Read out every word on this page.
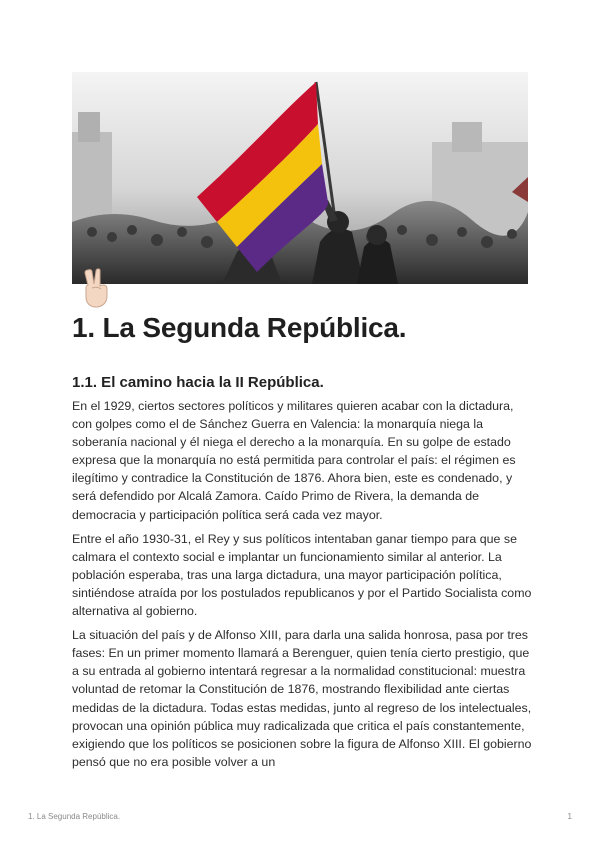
1. La Segunda República.
1.1. El camino hacia la II República.

En el 1929, ciertos sectores políticos y militares quieren acabar con la dictadura, con golpes como el de Sánchez Guerra en Valencia: la monarquía niega la soberanía nacional y él niega el derecho a la monarquía. En su golpe de estado expresa que la monarquía no está permitida para controlar el país: el régimen es ilegítimo y contradice la Constitución de 1876. Ahora bien, este es condenado, y será defendido por Alcalá Zamora. Caído Primo de Rivera, la demanda de democracia y participación política será cada vez mayor.

Entre el año 1930-31, el Rey y sus políticos intentaban ganar tiempo para que se calmara el contexto social e implantar un funcionamiento similar al anterior. La población esperaba, tras una larga dictadura, una mayor participación política, sintiéndose atraída por los postulados republicanos y por el Partido Socialista como alternativa al gobierno.

La situación del país y de Alfonso XIII, para darla una salida honrosa, pasa por tres fases: En un primer momento llamará a Berenguer, quien tenía cierto prestigio, que a su entrada al gobierno intentará regresar a la normalidad constitucional: muestra voluntad de retomar la Constitución de 1876, mostrando flexibilidad ante ciertas medidas de la dictadura. Todas estas medidas, junto al regreso de los intelectuales, provocan una opinión pública muy radicalizada que critica el país constantemente, exigiendo que los políticos se posicionen sobre la figura de Alfonso XIII. El gobierno pensó que no era posible volver a un

1. La Segunda República.	1
